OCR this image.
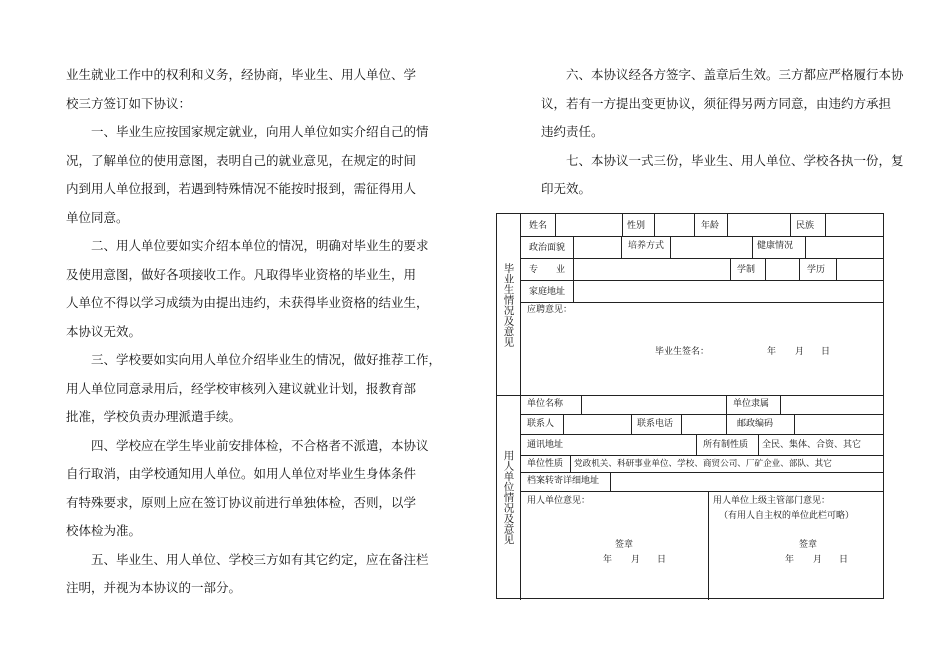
业生就业工作中的权利和义务，经协商，毕业生、用人单位、学
校三方签订如下协议：
　　一、毕业生应按国家规定就业，向用人单位如实介绍自己的情
况，了解单位的使用意图，表明自己的就业意见，在规定的时间
内到用人单位报到，若遇到特殊情况不能按时报到，需征得用人
单位同意。
　　二、用人单位要如实介绍本单位的情况，明确对毕业生的要求
及使用意图，做好各项接收工作。凡取得毕业资格的毕业生，用
人单位不得以学习成绩为由提出违约，未获得毕业资格的结业生，
本协议无效。
　　三、学校要如实向用人单位介绍毕业生的情况，做好推荐工作，
用人单位同意录用后，经学校审核列入建议就业计划，报教育部
批准，学校负责办理派遣手续。
　　四、学校应在学生毕业前安排体检，不合格者不派遣，本协议
自行取消，由学校通知用人单位。如用人单位对毕业生身体条件
有特殊要求，原则上应在签订协议前进行单独体检，否则，以学
校体检为准。
　　五、毕业生、用人单位、学校三方如有其它约定，应在备注栏
注明，并视为本协议的一部分。
　　六、本协议经各方签字、盖章后生效。三方都应严格履行本协
议，若有一方提出变更协议，须征得另两方同意，由违约方承担
违约责任。
　　七、本协议一式三份，毕业生、用人单位、学校各执一份，复
印无效。
毕业生情况及意见
用人单位情况及意见
姓名	性别	年龄	民族
政治面貌	培养方式	健康情况
专　　业	学制	学历
家庭地址
应聘意见：
毕业生签名：	年 月 日
单位名称	单位隶属
联系人	联系电话	邮政编码
通讯地址	所有制性质 全民、集体、合资、其它
单位性质 党政机关、科研事业单位、学校、商贸公司、厂矿企业、部队、其它
档案转寄详细地址
用人单位意见：	用人单位上级主管部门意见：
（有用人自主权的单位此栏可略）
签章
年 月 日
签章
年 月 日
